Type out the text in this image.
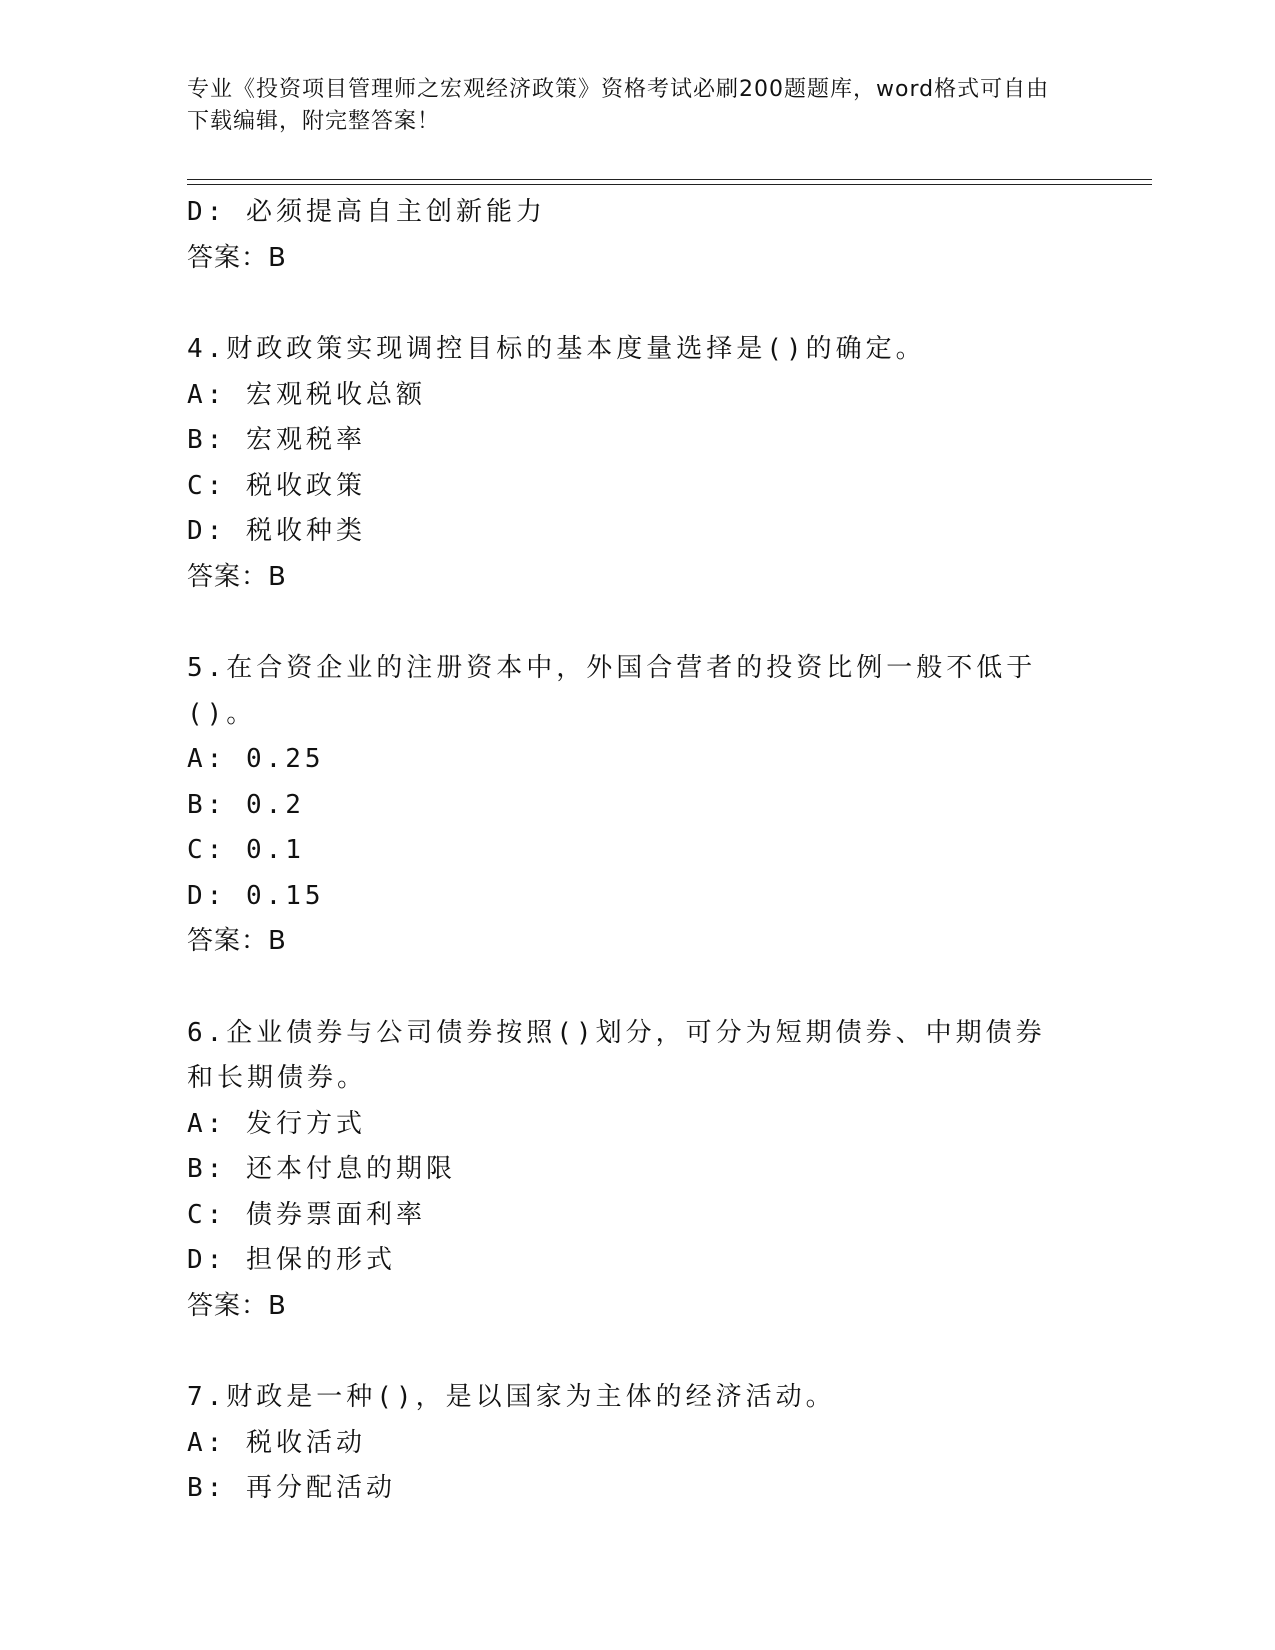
专业《投资项目管理师之宏观经济政策》资格考试必刷200题题库，word格式可自由下载编辑，附完整答案！
D: 必须提高自主创新能力
答案：B
4.财政政策实现调控目标的基本度量选择是()的确定。
A: 宏观税收总额
B: 宏观税率
C: 税收政策
D: 税收种类
答案：B
5.在合资企业的注册资本中，外国合营者的投资比例一般不低于()。
A: 0.25
B: 0.2
C: 0.1
D: 0.15
答案：B
6.企业债券与公司债券按照()划分，可分为短期债券、中期债券和长期债券。
A: 发行方式
B: 还本付息的期限
C: 债券票面利率
D: 担保的形式
答案：B
7.财政是一种()，是以国家为主体的经济活动。
A: 税收活动
B: 再分配活动
